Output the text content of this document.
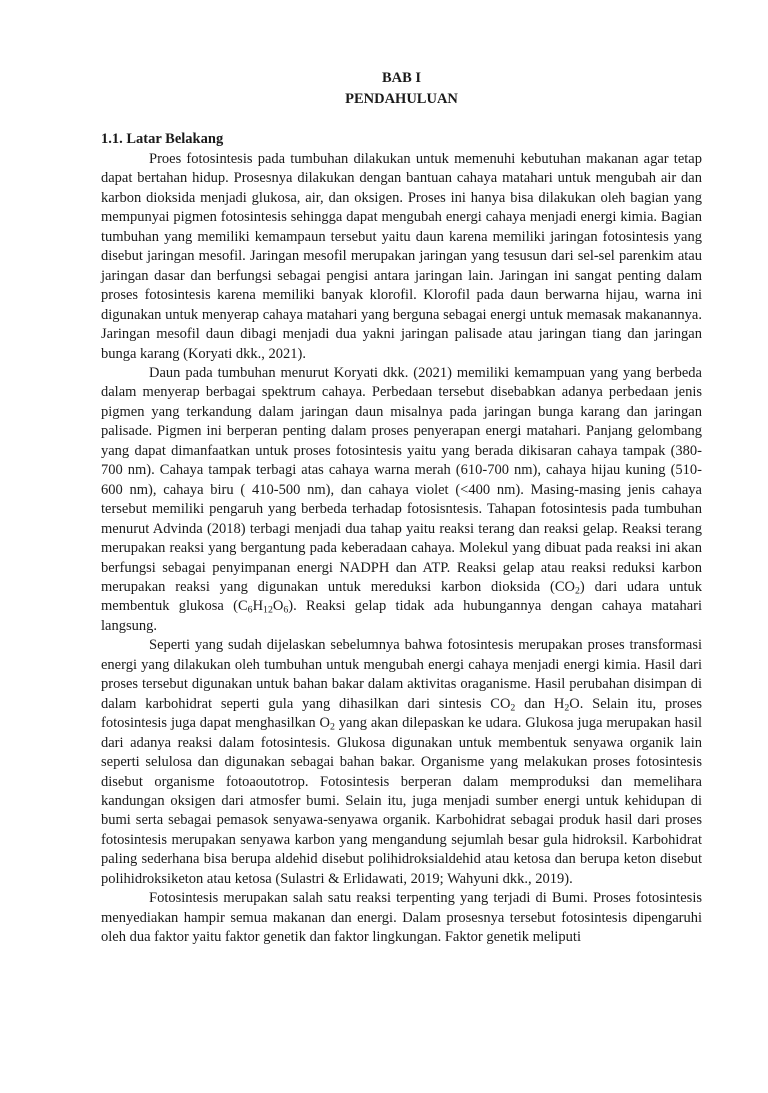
BAB I
PENDAHULUAN
1.1. Latar Belakang

Proes fotosintesis pada tumbuhan dilakukan untuk memenuhi kebutuhan makanan agar tetap dapat bertahan hidup. Prosesnya dilakukan dengan bantuan cahaya matahari untuk mengubah air dan karbon dioksida menjadi glukosa, air, dan oksigen. Proses ini hanya bisa dilakukan oleh bagian yang mempunyai pigmen fotosintesis sehingga dapat mengubah energi cahaya menjadi energi kimia. Bagian tumbuhan yang memiliki kemampaun tersebut yaitu daun karena memiliki jaringan fotosintesis yang disebut jaringan mesofil. Jaringan mesofil merupakan jaringan yang tesusun dari sel-sel parenkim atau jaringan dasar dan berfungsi sebagai pengisi antara jaringan lain. Jaringan ini sangat penting dalam proses fotosintesis karena memiliki banyak klorofil. Klorofil pada daun berwarna hijau, warna ini digunakan untuk menyerap cahaya matahari yang berguna sebagai energi untuk memasak makanannya. Jaringan mesofil daun dibagi menjadi dua yakni jaringan palisade atau jaringan tiang dan jaringan bunga karang (Koryati dkk., 2021).

Daun pada tumbuhan menurut Koryati dkk. (2021) memiliki kemampuan yang yang berbeda dalam menyerap berbagai spektrum cahaya. Perbedaan tersebut disebabkan adanya perbedaan jenis pigmen yang terkandung dalam jaringan daun misalnya pada jaringan bunga karang dan jaringan palisade. Pigmen ini berperan penting dalam proses penyerapan energi matahari. Panjang gelombang yang dapat dimanfaatkan untuk proses fotosintesis yaitu yang berada dikisaran cahaya tampak (380-700 nm). Cahaya tampak terbagi atas cahaya warna merah (610-700 nm), cahaya hijau kuning (510-600 nm), cahaya biru ( 410-500 nm), dan cahaya violet (<400 nm). Masing-masing jenis cahaya tersebut memiliki pengaruh yang berbeda terhadap fotosisntesis. Tahapan fotosintesis pada tumbuhan menurut Advinda (2018) terbagi menjadi dua tahap yaitu reaksi terang dan reaksi gelap. Reaksi terang merupakan reaksi yang bergantung pada keberadaan cahaya. Molekul yang dibuat pada reaksi ini akan berfungsi sebagai penyimpanan energi NADPH dan ATP. Reaksi gelap atau reaksi reduksi karbon merupakan reaksi yang digunakan untuk mereduksi karbon dioksida $(CO_2)$ dari udara untuk membentuk glukosa $(C_6H_{12}O_6)$. Reaksi gelap tidak ada hubungannya dengan cahaya matahari langsung.

Seperti yang sudah dijelaskan sebelumnya bahwa fotosintesis merupakan proses transformasi energi yang dilakukan oleh tumbuhan untuk mengubah energi cahaya menjadi energi kimia. Hasil dari proses tersebut digunakan untuk bahan bakar dalam aktivitas oraganisme. Hasil perubahan disimpan di dalam karbohidrat seperti gula yang dihasilkan dari sintesis $CO_2$ dan $H_2O$. Selain itu, proses fotosintesis juga dapat menghasilkan $O_2$ yang akan dilepaskan ke udara. Glukosa juga merupakan hasil dari adanya reaksi dalam fotosintesis. Glukosa digunakan untuk membentuk senyawa organik lain seperti selulosa dan digunakan sebagai bahan bakar. Organisme yang melakukan proses fotosintesis disebut organisme fotoaoutotrop. Fotosintesis berperan dalam memproduksi dan memelihara kandungan oksigen dari atmosfer bumi. Selain itu, juga menjadi sumber energi untuk kehidupan di bumi serta sebagai pemasok senyawa-senyawa organik. Karbohidrat sebagai produk hasil dari proses fotosintesis merupakan senyawa karbon yang mengandung sejumlah besar gula hidroksil. Karbohidrat paling sederhana bisa berupa aldehid disebut polihidroksialdehid atau ketosa dan berupa keton disebut polihidroksiketon atau ketosa (Sulastri & Erlidawati, 2019; Wahyuni dkk., 2019).

Fotosintesis merupakan salah satu reaksi terpenting yang terjadi di Bumi. Proses fotosintesis menyediakan hampir semua makanan dan energi. Dalam prosesnya tersebut fotosintesis dipengaruhi oleh dua faktor yaitu faktor genetik dan faktor lingkungan. Faktor genetik meliputi
